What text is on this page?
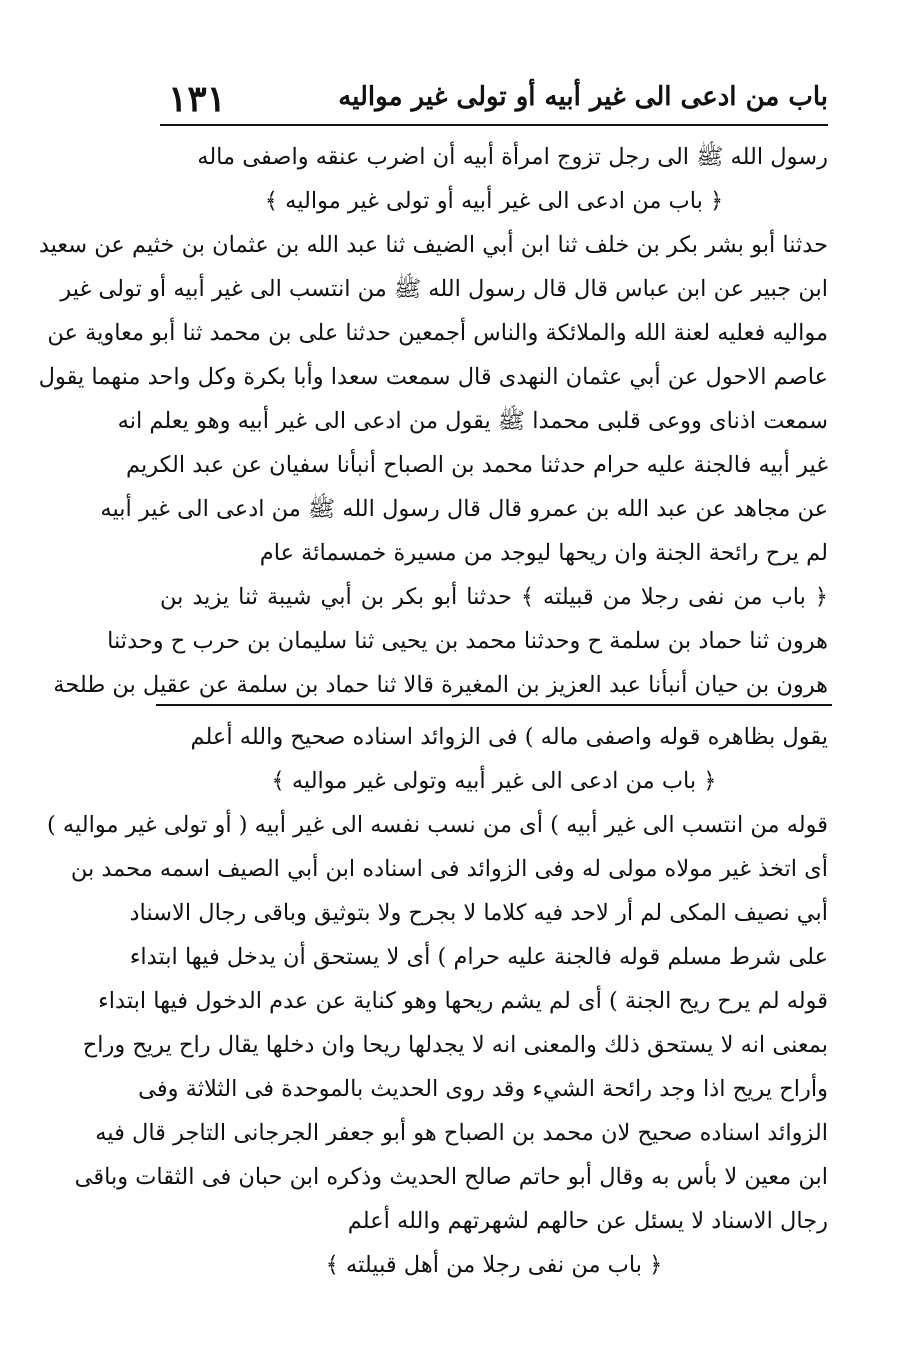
باب من ادعى الى غير أبيه أو تولى غير مواليه
١٣١
رسول الله ﷺ الى رجل تزوج امرأة أبيه أن اضرب عنقه واصفى ماله
﴿ باب من ادعى الى غير أبيه أو تولى غير مواليه ﴾
حدثنا أبو بشر بكر بن خلف ثنا ابن أبي الضيف ثنا عبد الله بن عثمان بن خثيم عن سعيد
ابن جبير عن ابن عباس قال قال رسول الله ﷺ من انتسب الى غير أبيه أو تولى غير
مواليه فعليه لعنة الله والملائكة والناس أجمعين حدثنا على بن محمد ثنا أبو معاوية عن
عاصم الاحول عن أبي عثمان النهدى قال سمعت سعدا وأبا بكرة وكل واحد منهما يقول
سمعت اذناى ووعى قلبى محمدا ﷺ يقول من ادعى الى غير أبيه وهو يعلم انه
غير أبيه فالجنة عليه حرام حدثنا محمد بن الصباح أنبأنا سفيان عن عبد الكريم
عن مجاهد عن عبد الله بن عمرو قال قال رسول الله ﷺ من ادعى الى غير أبيه
لم يرح رائحة الجنة وان ريحها ليوجد من مسيرة خمسمائة عام
﴿ باب من نفى رجلا من قبيلته ﴾ حدثنا أبو بكر بن أبي شيبة ثنا يزيد بن
هرون ثنا حماد بن سلمة ح وحدثنا محمد بن يحيى ثنا سليمان بن حرب ح وحدثنا
هرون بن حيان أنبأنا عبد العزيز بن المغيرة قالا ثنا حماد بن سلمة عن عقيل بن طلحة
يقول بظاهره قوله واصفى ماله ) فى الزوائد اسناده صحيح والله أعلم
﴿ باب من ادعى الى غير أبيه وتولى غير مواليه ﴾
قوله من انتسب الى غير أبيه ) أى من نسب نفسه الى غير أبيه ( أو تولى غير مواليه )
أى اتخذ غير مولاه مولى له وفى الزوائد فى اسناده ابن أبي الصيف اسمه محمد بن
أبي نصيف المكى لم أر لاحد فيه كلاما لا بجرح ولا بتوثيق وباقى رجال الاسناد
على شرط مسلم قوله فالجنة عليه حرام ) أى لا يستحق أن يدخل فيها ابتداء
قوله لم يرح ريح الجنة ) أى لم يشم ريحها وهو كناية عن عدم الدخول فيها ابتداء
بمعنى انه لا يستحق ذلك والمعنى انه لا يجدلها ريحا وان دخلها يقال راح يريح وراح
وأراح يريح اذا وجد رائحة الشيء وقد روى الحديث بالموحدة فى الثلاثة وفى
الزوائد اسناده صحيح لان محمد بن الصباح هو أبو جعفر الجرجانى التاجر قال فيه
ابن معين لا بأس به وقال أبو حاتم صالح الحديث وذكره ابن حبان فى الثقات وباقى
رجال الاسناد لا يسئل عن حالهم لشهرتهم والله أعلم
﴿ باب من نفى رجلا من أهل قبيلته ﴾
